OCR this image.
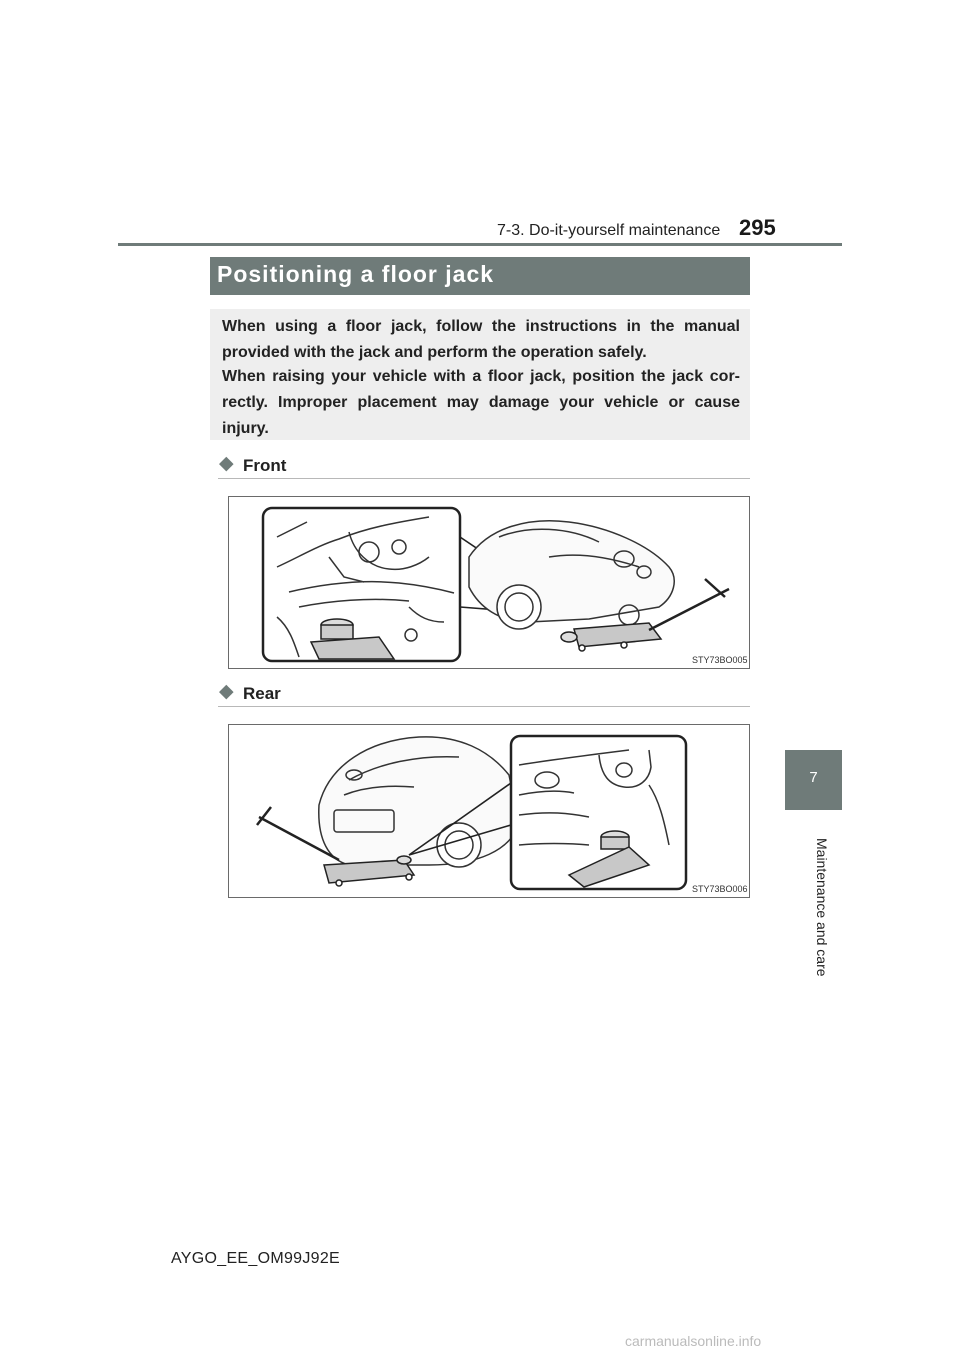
7-3. Do-it-yourself maintenance 295
Positioning a floor jack
When using a floor jack, follow the instructions in the manual provided with the jack and perform the operation safely.
When raising your vehicle with a floor jack, position the jack cor-rectly. Improper placement may damage your vehicle or cause injury.
◆ Front
STY73BO005
◆ Rear
STY73BO006
7
Maintenance and care
AYGO_EE_OM99J92E
carmanualsonline.info
